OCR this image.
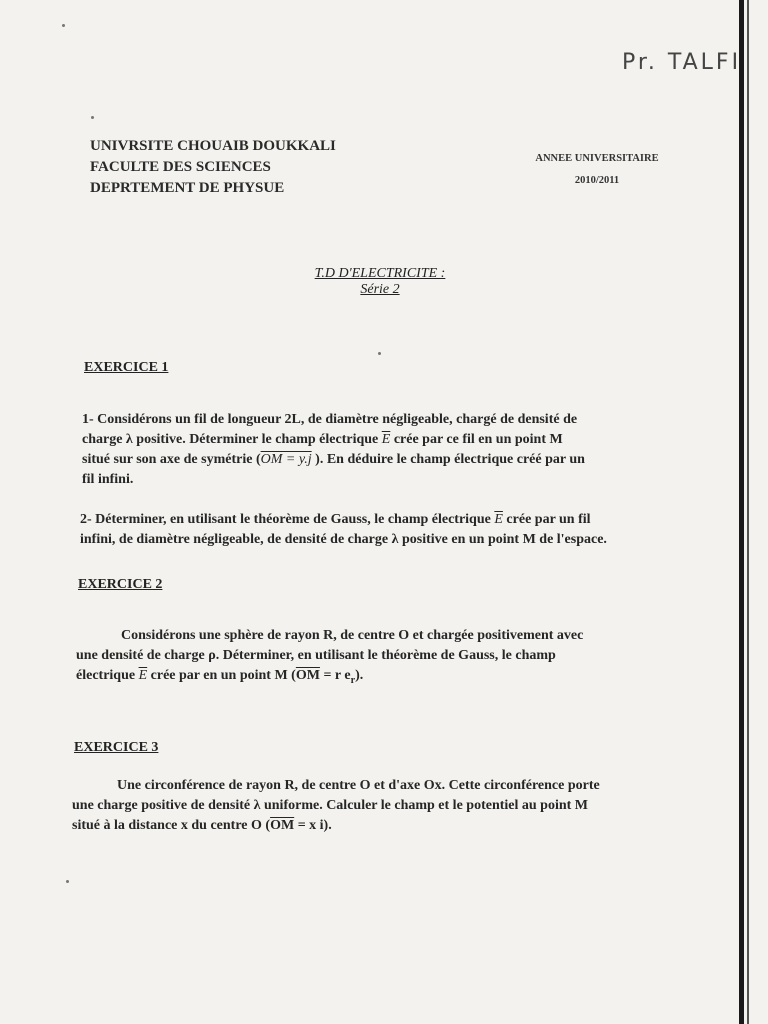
Pr. TALFI
UNIVRSITE CHOUAIB DOUKKALI
FACULTE DES SCIENCES
DEPRTEMENT DE PHYSUE
ANNEE UNIVERSITAIRE
2010/2011
T.D D'ELECTRICITE :
Série 2
EXERCICE 1
1- Considérons un fil de longueur 2L, de diamètre négligeable, chargé de densité de
charge λ positive. Déterminer le champ électrique $\overline{E}$ crée par ce fil en un point M
situé sur son axe de symétrie (OM = y.j ). En déduire le champ électrique créé par un
fil infini.
2- Déterminer, en utilisant le théorème de Gauss, le champ électrique $\overline{E}$ crée par un fil
infini, de diamètre négligeable, de densité de charge λ positive en un point M de l'espace.
EXERCICE 2
Considérons une sphère de rayon R, de centre O et chargée positivement avec
une densité de charge ρ. Déterminer, en utilisant le théorème de Gauss, le champ
électrique $\overline{E}$ crée par en un point M ($\overline{OM} = r$ $e_r$).
EXERCICE 3
Une circonférence de rayon R, de centre O et d'axe Ox. Cette circonférence porte
une charge positive de densité λ uniforme. Calculer le champ et le potentiel au point M
situé à la distance x du centre O ($\overline{OM} = x$ i).
